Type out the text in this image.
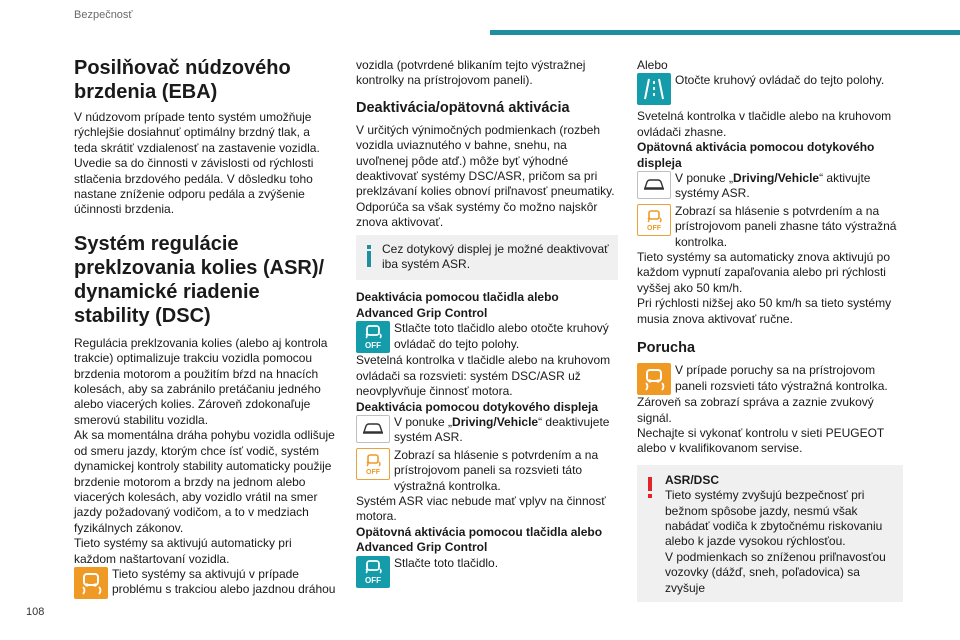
Bezpečnosť
Posilňovač núdzového brzdenia (EBA)

V núdzovom prípade tento systém umožňuje rýchlejšie dosiahnuť optimálny brzdný tlak, a teda skrátiť vzdialenosť na zastavenie vozidla. Uvedie sa do činnosti v závislosti od rýchlosti stlačenia brzdového pedála. V dôsledku toho nastane zníženie odporu pedála a zvýšenie účinnosti brzdenia.

Systém regulácie preklzovania kolies (ASR)/ dynamické riadenie stability (DSC)

Regulácia preklzovania kolies (alebo aj kontrola trakcie) optimalizuje trakciu vozidla pomocou brzdenia motorom a použitím bŕzd na hnacích kolesách, aby sa zabránilo pretáčaniu jedného alebo viacerých kolies. Zároveň zdokonaľuje smerovú stabilitu vozidla.

Ak sa momentálna dráha pohybu vozidla odlišuje od smeru jazdy, ktorým chce ísť vodič, systém dynamickej kontroly stability automaticky použije brzdenie motorom a brzdy na jednom alebo viacerých kolesách, aby vozidlo vrátil na smer jazdy požadovaný vodičom, a to v medziach fyzikálnych zákonov.

Tieto systémy sa aktivujú automaticky pri každom naštartovaní vozidla.

Tieto systémy sa aktivujú v prípade problému s trakciou alebo jazdnou dráhou

vozidla (potvrdené blikaním tejto výstražnej kontrolky na prístrojovom paneli).

Deaktivácia/opätovná aktivácia

V určitých výnimočných podmienkach (rozbeh vozidla uviaznutého v bahne, snehu, na uvoľnenej pôde atď.) môže byť výhodné deaktivovať systémy DSC/ASR, pričom sa pri preklzávaní kolies obnoví priľnavosť pneumatiky. Odporúča sa však systémy čo možno najskôr znova aktivovať.

Cez dotykový displej je možné deaktivovať iba systém ASR.

Deaktivácia pomocou tlačidla alebo Advanced Grip Control

OFF
Stlačte toto tlačidlo alebo otočte kruhový ovládač do tejto polohy.

Svetelná kontrolka v tlačidle alebo na kruhovom ovládači sa rozsvieti: systém DSC/ASR už neovplyvňuje činnosť motora.

Deaktivácia pomocou dotykového displeja

V ponuke „Driving/Vehicle“ deaktivujete systém ASR.
OFF
Zobrazí sa hlásenie s potvrdením a na prístrojovom paneli sa rozsvieti táto výstražná kontrolka.

Systém ASR viac nebude mať vplyv na činnosť motora.

Opätovná aktivácia pomocou tlačidla alebo Advanced Grip Control

OFF
Stlačte toto tlačidlo.

Alebo

Otočte kruhový ovládač do tejto polohy.

Svetelná kontrolka v tlačidle alebo na kruhovom ovládači zhasne.

Opätovná aktivácia pomocou dotykového displeja

V ponuke „Driving/Vehicle“ aktivujte systémy ASR.
OFF
Zobrazí sa hlásenie s potvrdením a na prístrojovom paneli zhasne táto výstražná kontrolka.

Tieto systémy sa automaticky znova aktivujú po každom vypnutí zapaľovania alebo pri rýchlosti vyššej ako 50 km/h.

Pri rýchlosti nižšej ako 50 km/h sa tieto systémy musia znova aktivovať ručne.

Porucha
V prípade poruchy sa na prístrojovom paneli rozsvieti táto výstražná kontrolka.

Zároveň sa zobrazí správa a zaznie zvukový signál.

Nechajte si vykonať kontrolu v sieti PEUGEOT alebo v kvalifikovanom servise.

ASR/DSC

Tieto systémy zvyšujú bezpečnosť pri bežnom spôsobe jazdy, nesmú však nabádať vodiča k zbytočnému riskovaniu alebo k jazde vysokou rýchlosťou.

V podmienkach so zníženou priľnavosťou vozovky (dážď, sneh, poľadovica) sa zvyšuje

108
